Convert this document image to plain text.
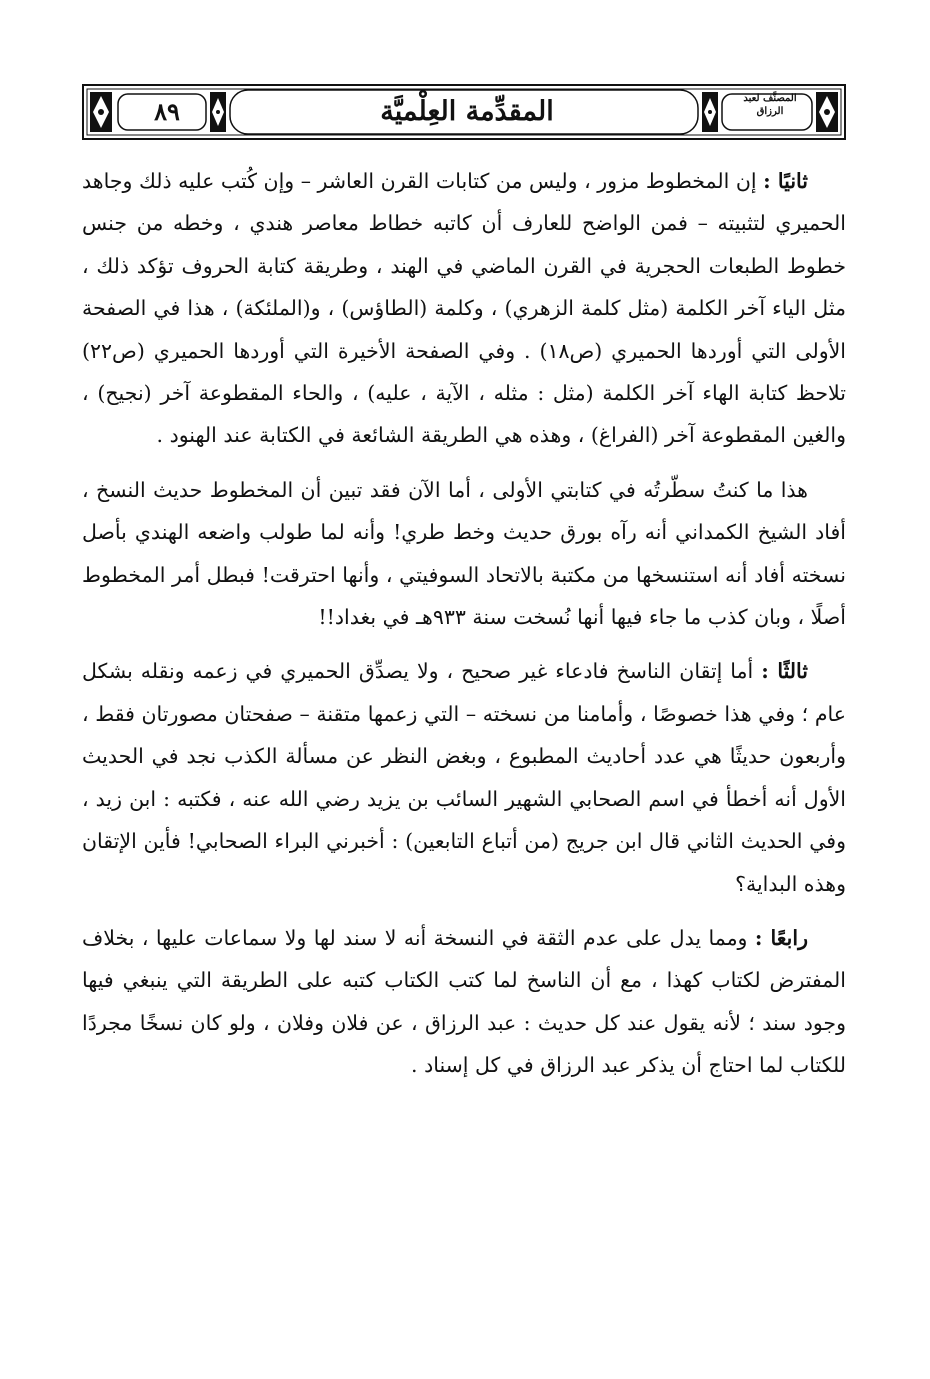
٨٩	المقدِّمة العِلْميَّة	المصنَّف لعبد الرزاق

ثانيًا : إن المخطوط مزور ، وليس من كتابات القرن العاشر – وإن كُتب عليه ذلك وجاهد الحميري لتثبيته – فمن الواضح للعارف أن كاتبه خطاط معاصر هندي ، وخطه من جنس خطوط الطبعات الحجرية في القرن الماضي في الهند ، وطريقة كتابة الحروف تؤكد ذلك ، مثل الياء آخر الكلمة (مثل كلمة الزهري) ، وكلمة (الطاؤس) ، و(الملئكة) ، هذا في الصفحة الأولى التي أوردها الحميري (ص١٨) . وفي الصفحة الأخيرة التي أوردها الحميري (ص٢٢) تلاحظ كتابة الهاء آخر الكلمة (مثل : مثله ، الآية ، عليه) ، والحاء المقطوعة آخر (نجيح) ، والغين المقطوعة آخر (الفراغ) ، وهذه هي الطريقة الشائعة في الكتابة عند الهنود .

هذا ما كنتُ سطّرتُه في كتابتي الأولى ، أما الآن فقد تبين أن المخطوط حديث النسخ ، أفاد الشيخ الكمداني أنه رآه بورق حديث وخط طري! وأنه لما طولب واضعه الهندي بأصل نسخته أفاد أنه استنسخها من مكتبة بالاتحاد السوفيتي ، وأنها احترقت! فبطل أمر المخطوط أصلًا ، وبان كذب ما جاء فيها أنها نُسخت سنة ٩٣٣هـ في بغداد!!

ثالثًا : أما إتقان الناسخ فادعاء غير صحيح ، ولا يصدِّق الحميري في زعمه ونقله بشكل عام ؛ وفي هذا خصوصًا ، وأمامنا من نسخته – التي زعمها متقنة – صفحتان مصورتان فقط ، وأربعون حديثًا هي عدد أحاديث المطبوع ، وبغض النظر عن مسألة الكذب نجد في الحديث الأول أنه أخطأ في اسم الصحابي الشهير السائب بن يزيد رضي الله عنه ، فكتبه : ابن زيد ، وفي الحديث الثاني قال ابن جريج (من أتباع التابعين) : أخبرني البراء الصحابي! فأين الإتقان وهذه البداية؟

رابعًا : ومما يدل على عدم الثقة في النسخة أنه لا سند لها ولا سماعات عليها ، بخلاف المفترض لكتاب كهذا ، مع أن الناسخ لما كتب الكتاب كتبه على الطريقة التي ينبغي فيها وجود سند ؛ لأنه يقول عند كل حديث : عبد الرزاق ، عن فلان وفلان ، ولو كان نسخًا مجردًا للكتاب لما احتاج أن يذكر عبد الرزاق في كل إسناد .
